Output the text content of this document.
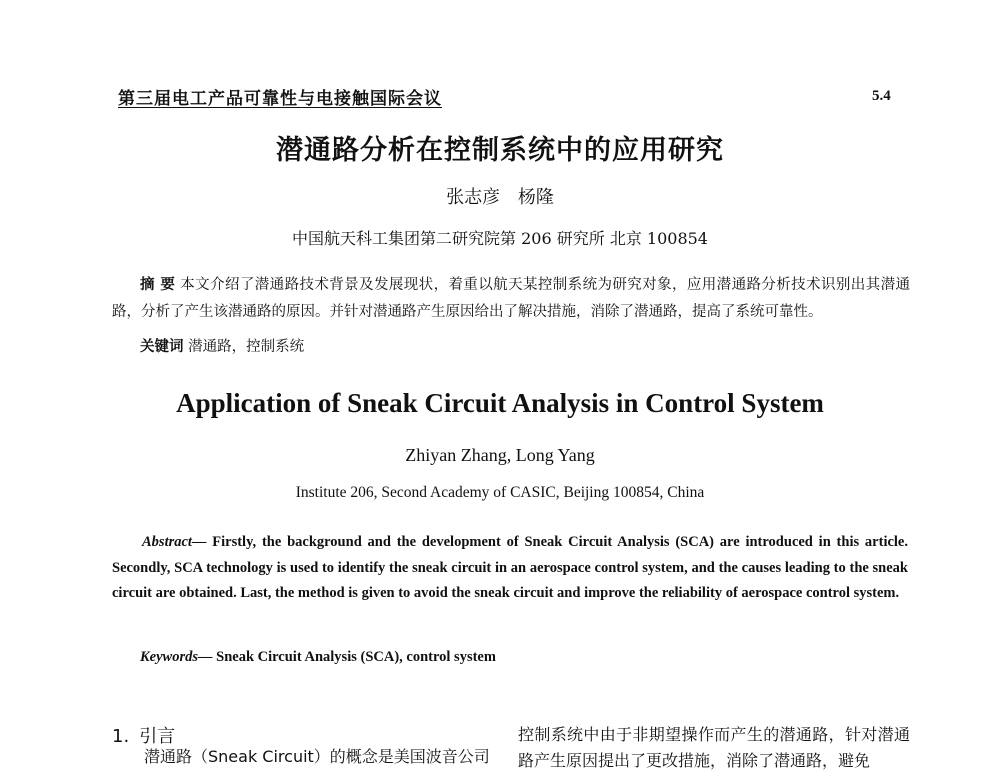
第三届电工产品可靠性与电接触国际会议	5.4
潜通路分析在控制系统中的应用研究
张志彦 杨隆
中国航天科工集团第二研究院第 206 研究所 北京 100854
摘 要 本文介绍了潜通路技术背景及发展现状，着重以航天某控制系统为研究对象，应用潜通路分析技术识别出其潜通路，分析了产生该潜通路的原因。并针对潜通路产生原因给出了解决措施，消除了潜通路，提高了系统可靠性。
关键词 潜通路，控制系统
Application of Sneak Circuit Analysis in Control System
Zhiyan Zhang, Long Yang
Institute 206, Second Academy of CASIC, Beijing 100854, China
Abstract— Firstly, the background and the development of Sneak Circuit Analysis (SCA) are introduced in this article. Secondly, SCA technology is used to identify the sneak circuit in an aerospace control system, and the causes leading to the sneak circuit are obtained. Last, the method is given to avoid the sneak circuit and improve the reliability of aerospace control system.
Keywords— Sneak Circuit Analysis (SCA), control system
1. 引言
潜通路（Sneak Circuit）的概念是美国波音公司
控制系统中由于非期望操作而产生的潜通路，针对潜通路产生原因提出了更改措施，消除了潜通路，避免
